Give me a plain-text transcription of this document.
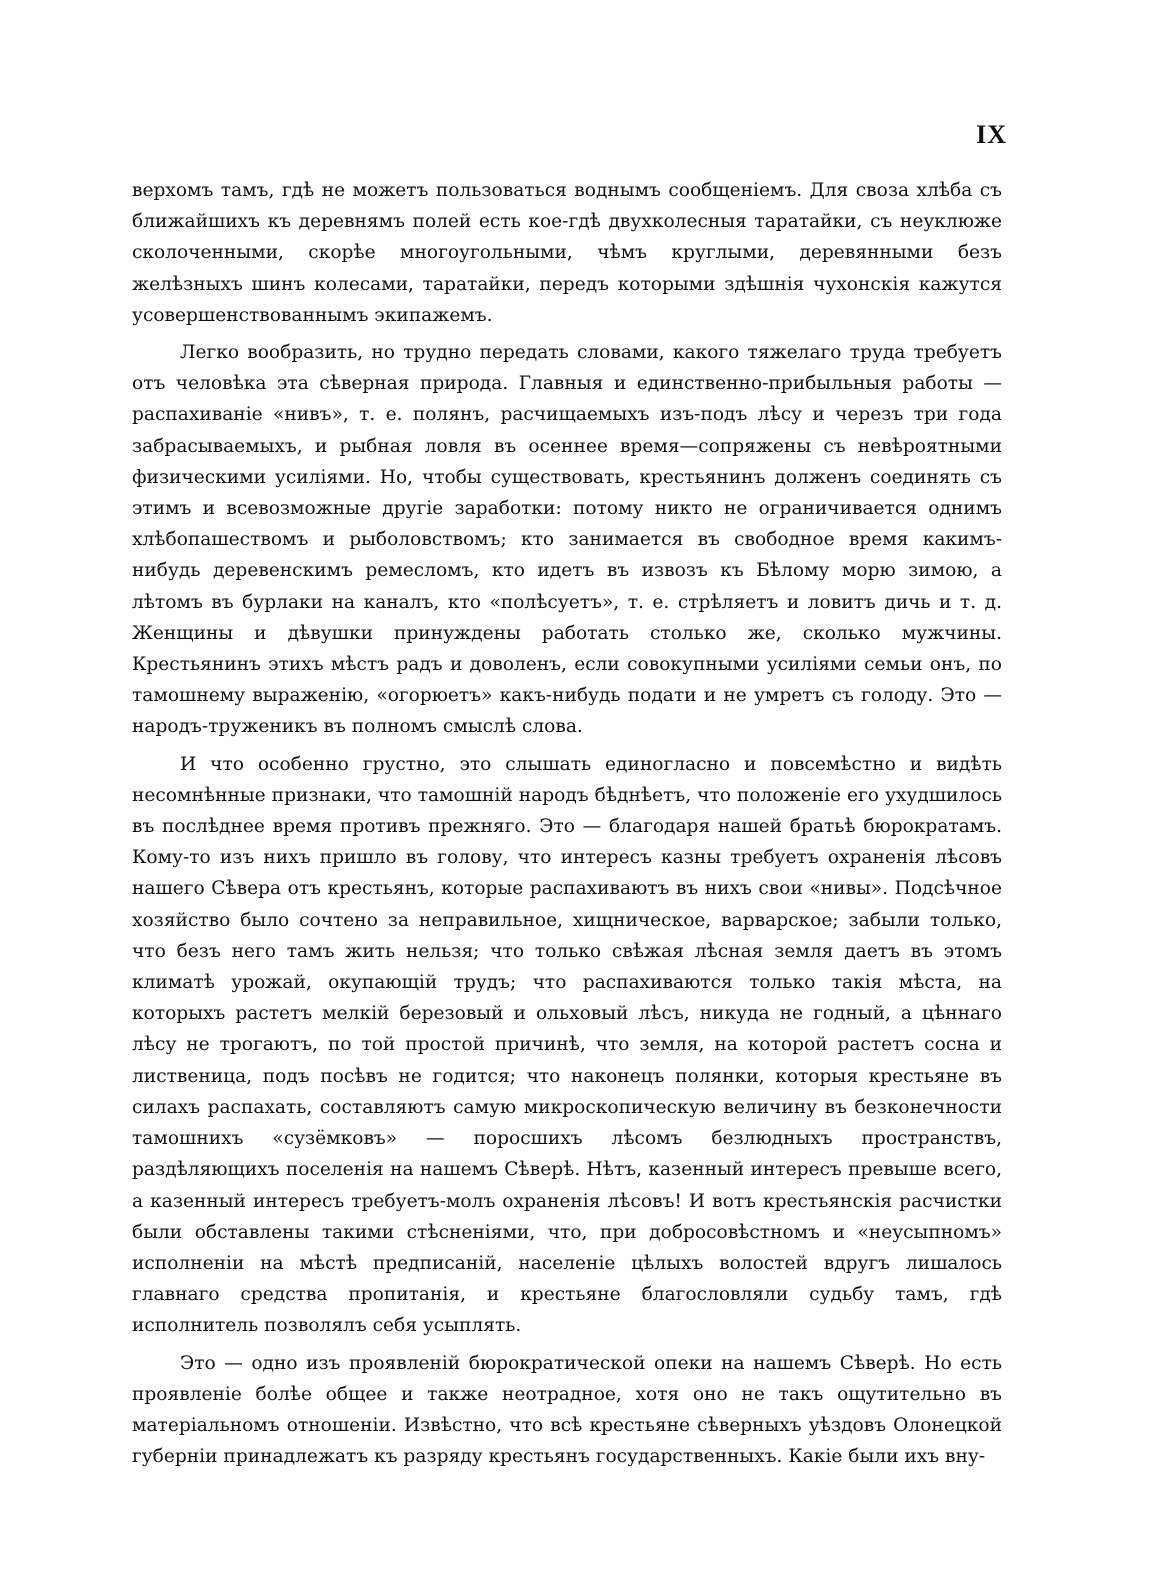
IX

верхомъ тамъ, гдѣ не можетъ пользоваться воднымъ сообщеніемъ. Для своза хлѣба съ ближайшихъ къ деревнямъ полей есть кое-гдѣ двухколесныя таратайки, съ неуклюже сколоченными, скорѣе многоугольными, чѣмъ круглыми, деревянными безъ желѣзныхъ шинъ колесами, таратайки, передъ которыми здѣшнія чухонскія кажутся усовершенствованнымъ экипажемъ.

Легко вообразить, но трудно передать словами, какого тяжелаго труда требуетъ отъ человѣка эта сѣверная природа. Главныя и единственно-прибыльныя работы — распахиваніе «нивъ», т. е. полянъ, расчищаемыхъ изъ-подъ лѣсу и черезъ три года забрасываемыхъ, и рыбная ловля въ осеннее время—сопряжены съ невѣроятными физическими усиліями. Но, чтобы существовать, крестьянинъ долженъ соединять съ этимъ и всевозможные другіе заработки: потому никто не ограничивается однимъ хлѣбопашествомъ и рыболовствомъ; кто занимается въ свободное время какимъ-нибудь деревенскимъ ремесломъ, кто идетъ въ извозъ къ Бѣлому морю зимою, а лѣтомъ въ бурлаки на каналъ, кто «полѣсуетъ», т. е. стрѣляетъ и ловитъ дичь и т. д. Женщины и дѣвушки принуждены работать столько же, сколько мужчины. Крестьянинъ этихъ мѣстъ радъ и доволенъ, если совокупными усиліями семьи онъ, по тамошнему выраженію, «огорюетъ» какъ-нибудь подати и не умретъ съ голоду. Это — народъ-труженикъ въ полномъ смыслѣ слова.

И что особенно грустно, это слышать единогласно и повсемѣстно и видѣть несомнѣнные признаки, что тамошній народъ бѣднѣетъ, что положеніе его ухудшилось въ послѣднее время противъ прежняго. Это — благодаря нашей братьѣ бюрократамъ. Кому-то изъ нихъ пришло въ голову, что интересъ казны требуетъ охраненія лѣсовъ нашего Сѣвера отъ крестьянъ, которые распахиваютъ въ нихъ свои «нивы». Подсѣчное хозяйство было сочтено за неправильное, хищническое, варварское; забыли только, что безъ него тамъ жить нельзя; что только свѣжая лѣсная земля даетъ въ этомъ климатѣ урожай, окупающій трудъ; что распахиваются только такія мѣста, на которыхъ растетъ мелкій березовый и ольховый лѣсъ, никуда не годный, а цѣннаго лѣсу не трогаютъ, по той простой причинѣ, что земля, на которой растетъ сосна и лиственица, подъ посѣвъ не годится; что наконецъ полянки, которыя крестьяне въ силахъ распахать, составляютъ самую микроскопическую величину въ безконечности тамошнихъ «сузёмковъ» — поросшихъ лѣсомъ безлюдныхъ пространствъ, раздѣляющихъ поселенія на нашемъ Сѣверѣ. Нѣтъ, казенный интересъ превыше всего, а казенный интересъ требуетъ-молъ охраненія лѣсовъ! И вотъ крестьянскія расчистки были обставлены такими стѣсненіями, что, при добросовѣстномъ и «неусыпномъ» исполненіи на мѣстѣ предписаній, населеніе цѣлыхъ волостей вдругъ лишалось главнаго средства пропитанія, и крестьяне благословляли судьбу тамъ, гдѣ исполнитель позволялъ себя усыплять.

Это — одно изъ проявленій бюрократической опеки на нашемъ Сѣверѣ. Но есть проявленіе болѣе общее и также неотрадное, хотя оно не такъ ощутительно въ матеріальномъ отношеніи. Извѣстно, что всѣ крестьяне сѣверныхъ уѣздовъ Олонецкой губерніи принадлежатъ къ разряду крестьянъ государственныхъ. Какіе были ихъ вну-
